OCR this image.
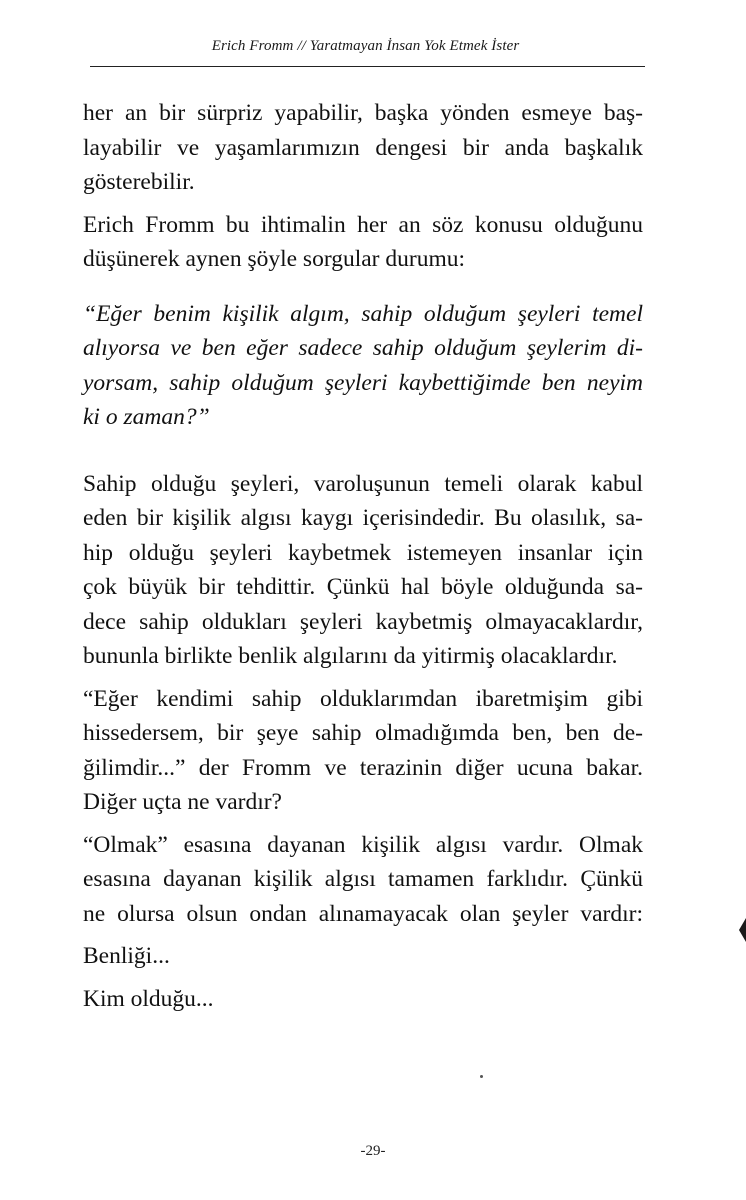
Erich Fromm // Yaratmayan İnsan Yok Etmek İster
her an bir sürpriz yapabilir, başka yönden esmeye baş-
layabilir ve yaşamlarımızın dengesi bir anda başkalık
gösterebilir.
Erich Fromm bu ihtimalin her an söz konusu olduğunu
düşünerek aynen şöyle sorgular durumu:
“Eğer benim kişilik algım, sahip olduğum şeyleri temel
alıyorsa ve ben eğer sadece sahip olduğum şeylerim di-
yorsam, sahip olduğum şeyleri kaybettiğimde ben neyim
ki o zaman?”
Sahip olduğu şeyleri, varoluşunun temeli olarak kabul
eden bir kişilik algısı kaygı içerisindedir. Bu olasılık, sa-
hip olduğu şeyleri kaybetmek istemeyen insanlar için
çok büyük bir tehdittir. Çünkü hal böyle olduğunda sa-
dece sahip oldukları şeyleri kaybetmiş olmayacaklardır,
bununla birlikte benlik algılarını da yitirmiş olacaklardır.
“Eğer kendimi sahip olduklarımdan ibaretmişim gibi
hissedersem, bir şeye sahip olmadığımda ben, ben de-
ğilimdir...” der Fromm ve terazinin diğer ucuna bakar.
Diğer uçta ne vardır?
“Olmak” esasına dayanan kişilik algısı vardır. Olmak
esasına dayanan kişilik algısı tamamen farklıdır. Çünkü
ne olursa olsun ondan alınamayacak olan şeyler vardır:
Benliği...
Kim olduğu...
-29-
